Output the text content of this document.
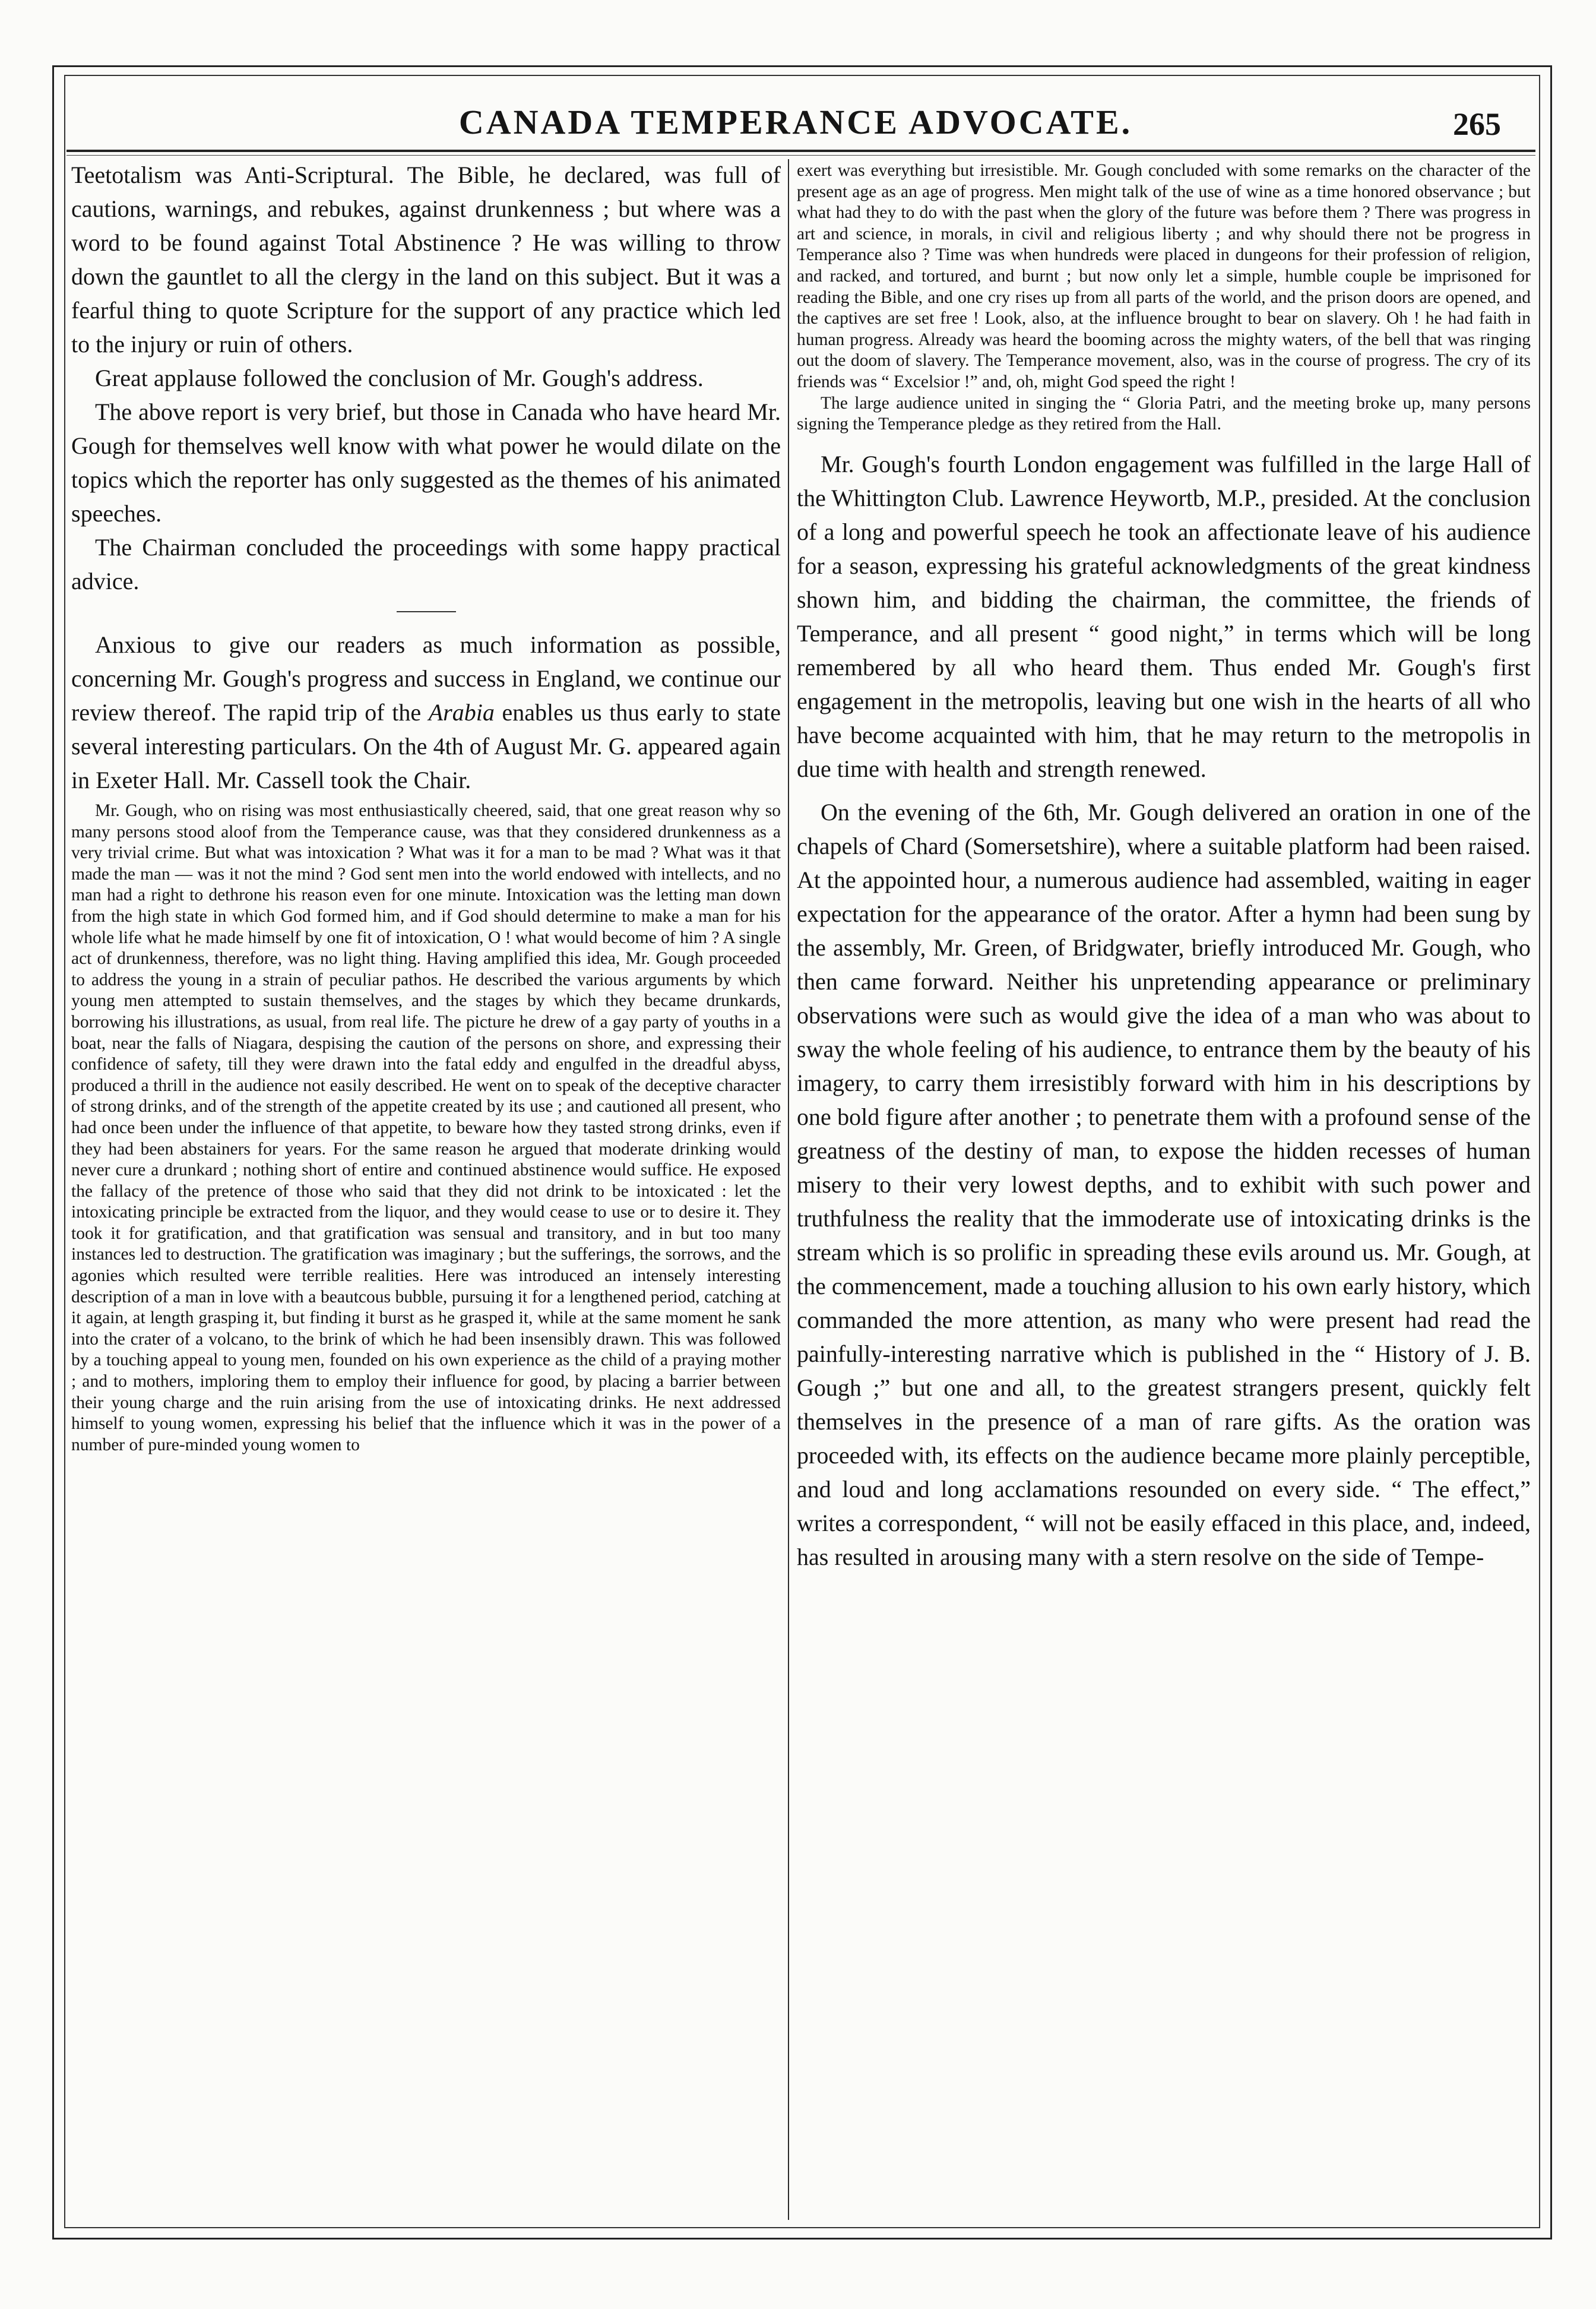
CANADA TEMPERANCE ADVOCATE.	265

Teetotalism was Anti-Scriptural. The Bible, he declared, was full of cautions, warnings, and rebukes, against drunkenness ; but where was a word to be found against Total Abstinence ? He was willing to throw down the gauntlet to all the clergy in the land on this subject. But it was a fearful thing to quote Scripture for the support of any practice which led to the injury or ruin of others.

Great applause followed the conclusion of Mr. Gough's address.

The above report is very brief, but those in Canada who have heard Mr. Gough for themselves well know with what power he would dilate on the topics which the reporter has only suggested as the themes of his animated speeches.

The Chairman concluded the proceedings with some happy practical advice.

Anxious to give our readers as much information as possible, concerning Mr. Gough's progress and success in England, we continue our review thereof. The rapid trip of the Arabia enables us thus early to state several interesting particulars. On the 4th of August Mr. G. appeared again in Exeter Hall. Mr. Cassell took the Chair.

Mr. Gough, who on rising was most enthusiastically cheered, said, that one great reason why so many persons stood aloof from the Temperance cause, was that they considered drunkenness as a very trivial crime. But what was intoxication ? What was it for a man to be mad ? What was it that made the man — was it not the mind ? God sent men into the world endowed with intellects, and no man had a right to dethrone his reason even for one minute. Intoxication was the letting man down from the high state in which God formed him, and if God should determine to make a man for his whole life what he made himself by one fit of intoxication, O ! what would become of him ? A single act of drunkenness, therefore, was no light thing. Having amplified this idea, Mr. Gough proceeded to address the young in a strain of peculiar pathos. He described the various arguments by which young men attempted to sustain themselves, and the stages by which they became drunkards, borrowing his illustrations, as usual, from real life. The picture he drew of a gay party of youths in a boat, near the falls of Niagara, despising the caution of the persons on shore, and expressing their confidence of safety, till they were drawn into the fatal eddy and engulfed in the dreadful abyss, produced a thrill in the audience not easily described. He went on to speak of the deceptive character of strong drinks, and of the strength of the appetite created by its use ; and cautioned all present, who had once been under the influence of that appetite, to beware how they tasted strong drinks, even if they had been abstainers for years. For the same reason he argued that moderate drinking would never cure a drunkard ; nothing short of entire and continued abstinence would suffice. He exposed the fallacy of the pretence of those who said that they did not drink to be intoxicated : let the intoxicating principle be extracted from the liquor, and they would cease to use or to desire it. They took it for gratification, and that gratification was sensual and transitory, and in but too many instances led to destruction. The gratification was imaginary ; but the sufferings, the sorrows, and the agonies which resulted were terrible realities. Here was introduced an intensely interesting description of a man in love with a beautcous bubble, pursuing it for a lengthened period, catching at it again, at length grasping it, but finding it burst as he grasped it, while at the same moment he sank into the crater of a volcano, to the brink of which he had been insensibly drawn. This was followed by a touching appeal to young men, founded on his own experience as the child of a praying mother ; and to mothers, imploring them to employ their influence for good, by placing a barrier between their young charge and the ruin arising from the use of intoxicating drinks. He next addressed himself to young women, expressing his belief that the influence which it was in the power of a number of pure-minded young women to

exert was everything but irresistible. Mr. Gough concluded with some remarks on the character of the present age as an age of progress. Men might talk of the use of wine as a time honored observance ; but what had they to do with the past when the glory of the future was before them ? There was progress in art and science, in morals, in civil and religious liberty ; and why should there not be progress in Temperance also ? Time was when hundreds were placed in dungeons for their profession of religion, and racked, and tortured, and burnt ; but now only let a simple, humble couple be imprisoned for reading the Bible, and one cry rises up from all parts of the world, and the prison doors are opened, and the captives are set free ! Look, also, at the influence brought to bear on slavery. Oh ! he had faith in human progress. Already was heard the booming across the mighty waters, of the bell that was ringing out the doom of slavery. The Temperance movement, also, was in the course of progress. The cry of its friends was “ Excelsior !” and, oh, might God speed the right !

The large audience united in singing the “ Gloria Patri, and the meeting broke up, many persons signing the Temperance pledge as they retired from the Hall.

Mr. Gough's fourth London engagement was fulfilled in the large Hall of the Whittington Club. Lawrence Heywortb, M.P., presided. At the conclusion of a long and powerful speech he took an affectionate leave of his audience for a season, expressing his grateful acknowledgments of the great kindness shown him, and bidding the chairman, the committee, the friends of Temperance, and all present “ good night,” in terms which will be long remembered by all who heard them. Thus ended Mr. Gough's first engagement in the metropolis, leaving but one wish in the hearts of all who have become acquainted with him, that he may return to the metropolis in due time with health and strength renewed.

On the evening of the 6th, Mr. Gough delivered an oration in one of the chapels of Chard (Somersetshire), where a suitable platform had been raised. At the appointed hour, a numerous audience had assembled, waiting in eager expectation for the appearance of the orator. After a hymn had been sung by the assembly, Mr. Green, of Bridgwater, briefly introduced Mr. Gough, who then came forward. Neither his unpretending appearance or preliminary observations were such as would give the idea of a man who was about to sway the whole feeling of his audience, to entrance them by the beauty of his imagery, to carry them irresistibly forward with him in his descriptions by one bold figure after another ; to penetrate them with a profound sense of the greatness of the destiny of man, to expose the hidden recesses of human misery to their very lowest depths, and to exhibit with such power and truthfulness the reality that the immoderate use of intoxicating drinks is the stream which is so prolific in spreading these evils around us. Mr. Gough, at the commencement, made a touching allusion to his own early history, which commanded the more attention, as many who were present had read the painfully-interesting narrative which is published in the “ History of J. B. Gough ;” but one and all, to the greatest strangers present, quickly felt themselves in the presence of a man of rare gifts. As the oration was proceeded with, its effects on the audience became more plainly perceptible, and loud and long acclamations resounded on every side. “ The effect,” writes a correspondent, “ will not be easily effaced in this place, and, indeed, has resulted in arousing many with a stern resolve on the side of Tempe-
